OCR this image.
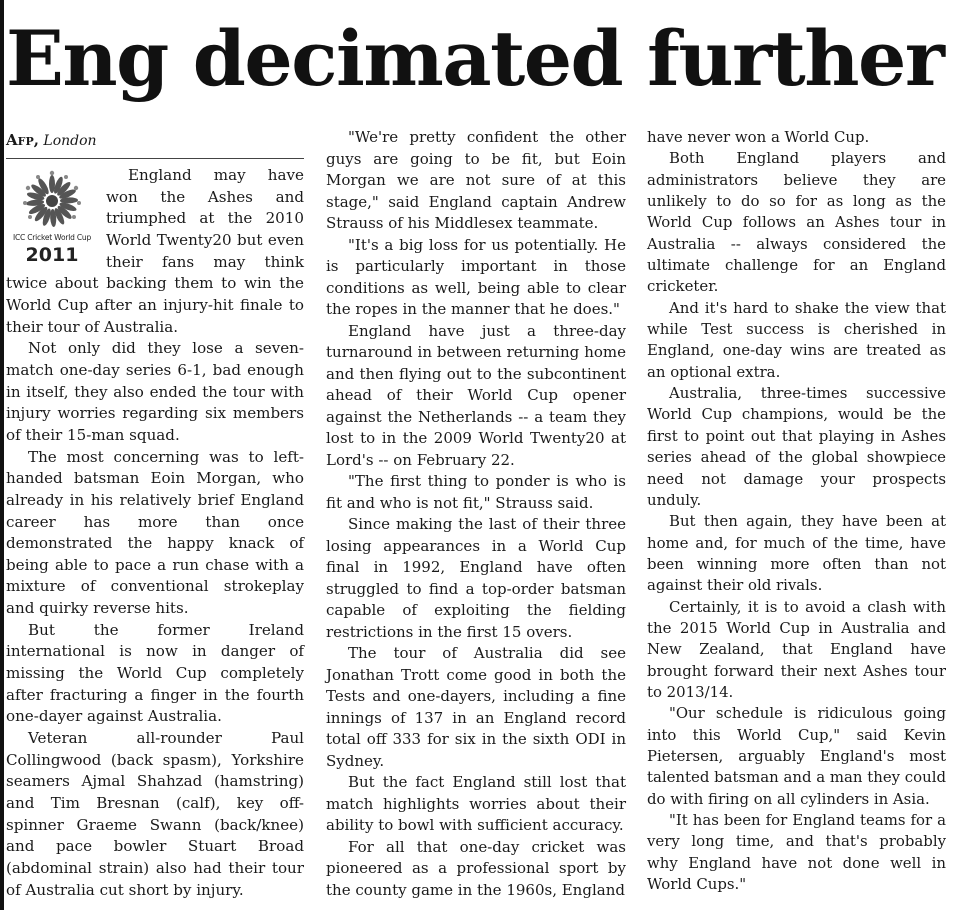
Eng decimated further
Afp, London
ICC Cricket World Cup
2011

England may have won the Ashes and triumphed at the 2010 World Twenty20 but even their fans may think twice about backing them to win the World Cup after an injury-hit finale to their tour of Australia.

Not only did they lose a seven-match one-day series 6-1, bad enough in itself, they also ended the tour with injury worries regarding six members of their 15-man squad.

The most concerning was to left-handed batsman Eoin Morgan, who already in his relatively brief England career has more than once demonstrated the happy knack of being able to pace a run chase with a mixture of conventional strokeplay and quirky reverse hits.

But the former Ireland international is now in danger of missing the World Cup completely after fracturing a finger in the fourth one-dayer against Australia.

Veteran all-rounder Paul Collingwood (back spasm), Yorkshire seamers Ajmal Shahzad (hamstring) and Tim Bresnan (calf), key off-spinner Graeme Swann (back/knee) and pace bowler Stuart Broad (abdominal strain) also had their tour of Australia cut short by injury.

"We're pretty confident the other guys are going to be fit, but Eoin Morgan we are not sure of at this stage," said England captain Andrew Strauss of his Middlesex teammate.

"It's a big loss for us potentially. He is particularly important in those conditions as well, being able to clear the ropes in the manner that he does."

England have just a three-day turnaround in between returning home and then flying out to the subcontinent ahead of their World Cup opener against the Netherlands -- a team they lost to in the 2009 World Twenty20 at Lord's -- on February 22.

"The first thing to ponder is who is fit and who is not fit," Strauss said.

Since making the last of their three losing appearances in a World Cup final in 1992, England have often struggled to find a top-order batsman capable of exploiting the fielding restrictions in the first 15 overs.

The tour of Australia did see Jonathan Trott come good in both the Tests and one-dayers, including a fine innings of 137 in an England record total off 333 for six in the sixth ODI in Sydney.

But the fact England still lost that match highlights worries about their ability to bowl with sufficient accuracy.

For all that one-day cricket was pioneered as a professional sport by the county game in the 1960s, England

have never won a World Cup.

Both England players and administrators believe they are unlikely to do so for as long as the World Cup follows an Ashes tour in Australia -- always considered the ultimate challenge for an England cricketer.

And it's hard to shake the view that while Test success is cherished in England, one-day wins are treated as an optional extra.

Australia, three-times successive World Cup champions, would be the first to point out that playing in Ashes series ahead of the global showpiece need not damage your prospects unduly.

But then again, they have been at home and, for much of the time, have been winning more often than not against their old rivals.

Certainly, it is to avoid a clash with the 2015 World Cup in Australia and New Zealand, that England have brought forward their next Ashes tour to 2013/14.

"Our schedule is ridiculous going into this World Cup," said Kevin Pietersen, arguably England's most talented batsman and a man they could do with firing on all cylinders in Asia.

"It has been for England teams for a very long time, and that's probably why England have not done well in World Cups."
